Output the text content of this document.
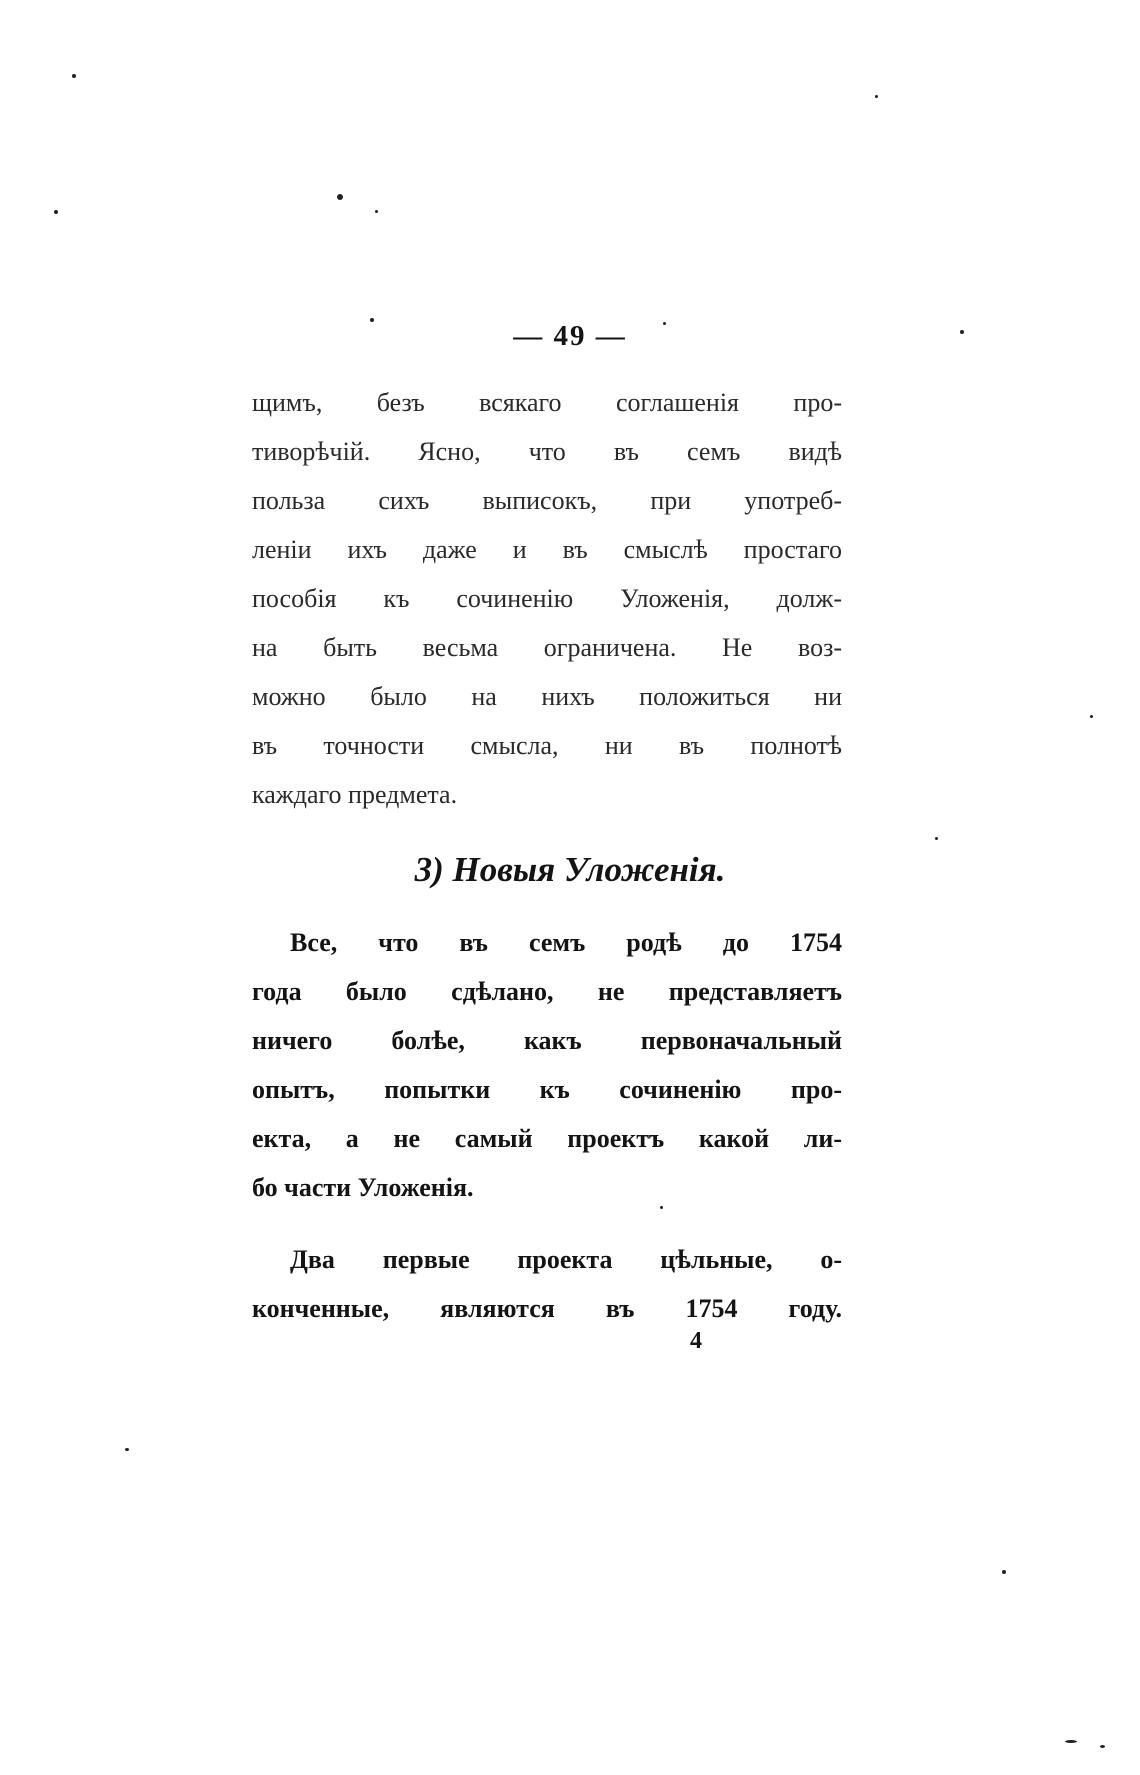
— 49 —
щимъ, безъ всякаго соглашенія про-
тиворѣчій. Ясно, что въ семъ видѣ
польза сихъ выписокъ, при употреб-
леніи ихъ даже и въ смыслѣ простаго
пособія къ сочиненію Уложенія, долж-
на быть весьма ограничена. Не воз-
можно было на нихъ положиться ни
въ точности смысла, ни въ полнотѣ
каждаго предмета.
3) Новыя Уложенія.
Все, что въ семъ родѣ до 1754
года было сдѣлано, не представляетъ
ничего болѣе, какъ первоначальный
опытъ, попытки къ сочиненію про-
екта, а не самый проектъ какой ли-
бо части Уложенія.
Два первые проекта цѣльные, о-
конченные, являются въ 1754 году.
4
